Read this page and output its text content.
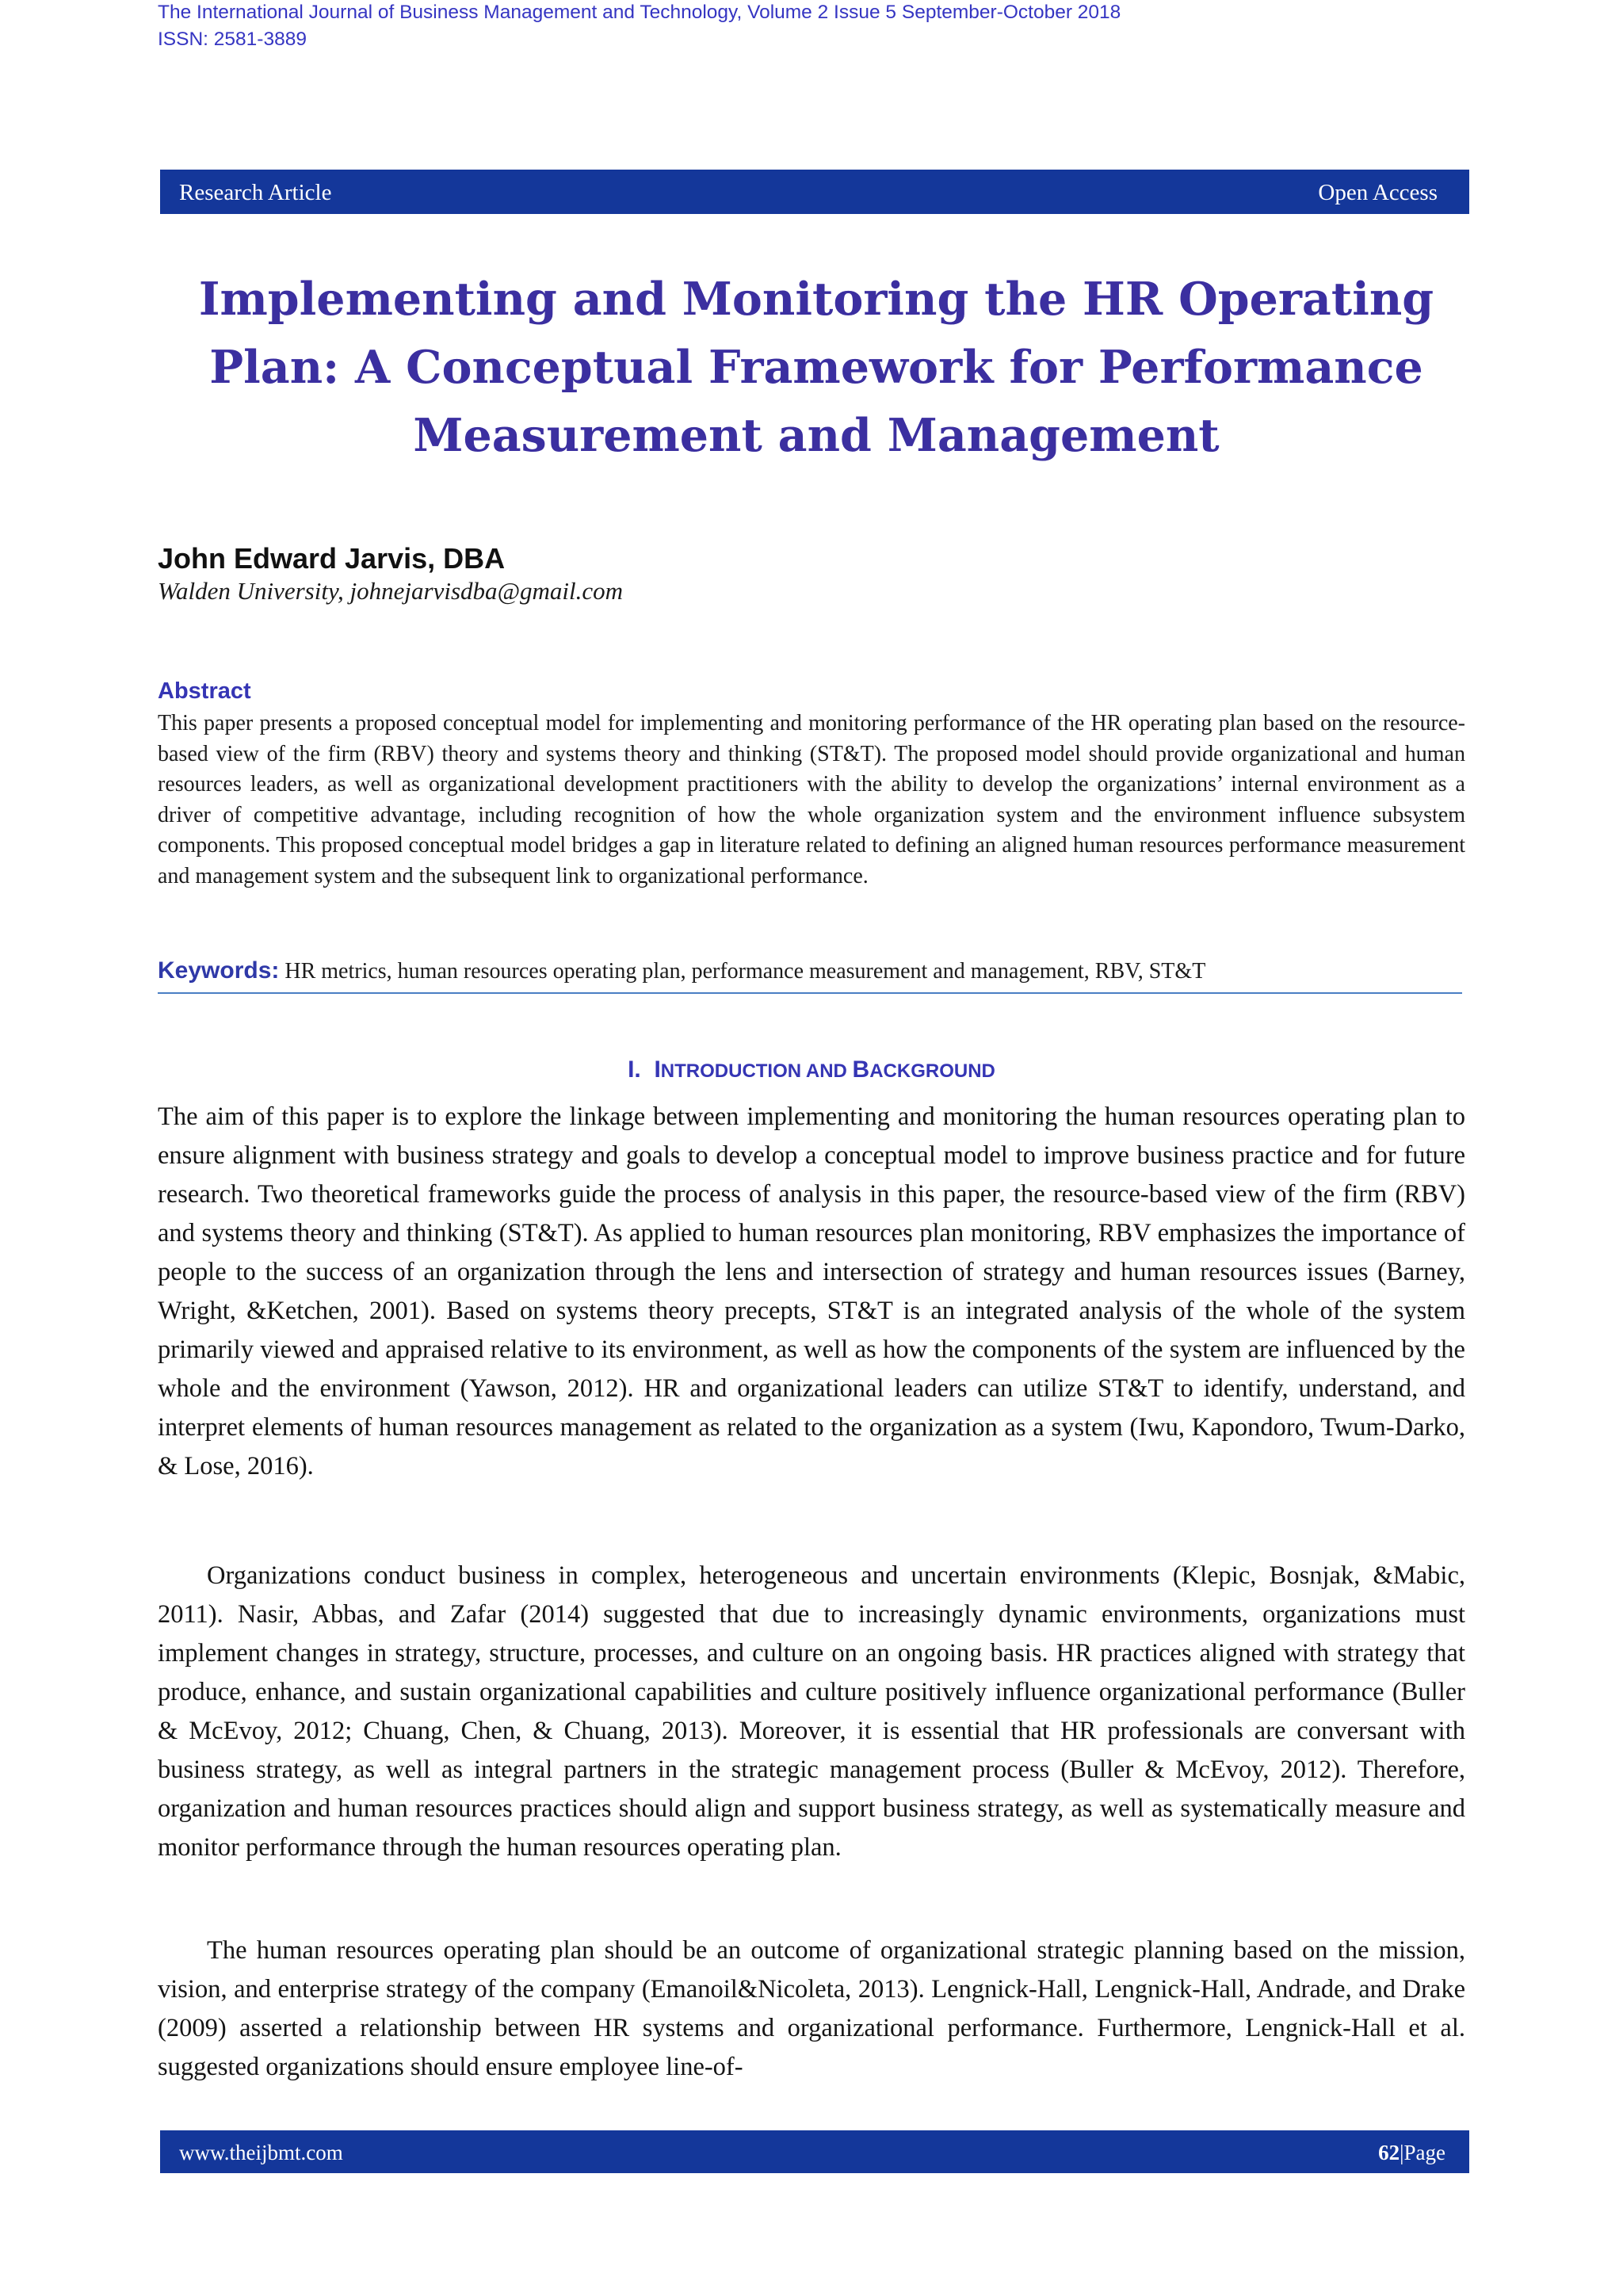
The International Journal of Business Management and Technology, Volume 2 Issue 5 September-October 2018
ISSN: 2581-3889
Research Article	Open Access
Implementing and Monitoring the HR Operating Plan: A Conceptual Framework for Performance Measurement and Management
John Edward Jarvis, DBA
Walden University, johnejarvisdba@gmail.com
Abstract
This paper presents a proposed conceptual model for implementing and monitoring performance of the HR operating plan based on the resource-based view of the firm (RBV) theory and systems theory and thinking (ST&T). The proposed model should provide organizational and human resources leaders, as well as organizational development practitioners with the ability to develop the organizations’ internal environment as a driver of competitive advantage, including recognition of how the whole organization system and the environment influence subsystem components. This proposed conceptual model bridges a gap in literature related to defining an aligned human resources performance measurement and management system and the subsequent link to organizational performance.
Keywords: HR metrics, human resources operating plan, performance measurement and management, RBV, ST&T
I. INTRODUCTION AND BACKGROUND
The aim of this paper is to explore the linkage between implementing and monitoring the human resources operating plan to ensure alignment with business strategy and goals to develop a conceptual model to improve business practice and for future research. Two theoretical frameworks guide the process of analysis in this paper, the resource-based view of the firm (RBV) and systems theory and thinking (ST&T). As applied to human resources plan monitoring, RBV emphasizes the importance of people to the success of an organization through the lens and intersection of strategy and human resources issues (Barney, Wright, &Ketchen, 2001). Based on systems theory precepts, ST&T is an integrated analysis of the whole of the system primarily viewed and appraised relative to its environment, as well as how the components of the system are influenced by the whole and the environment (Yawson, 2012). HR and organizational leaders can utilize ST&T to identify, understand, and interpret elements of human resources management as related to the organization as a system (Iwu, Kapondoro, Twum-Darko, & Lose, 2016).
Organizations conduct business in complex, heterogeneous and uncertain environments (Klepic, Bosnjak, &Mabic, 2011). Nasir, Abbas, and Zafar (2014) suggested that due to increasingly dynamic environments, organizations must implement changes in strategy, structure, processes, and culture on an ongoing basis. HR practices aligned with strategy that produce, enhance, and sustain organizational capabilities and culture positively influence organizational performance (Buller & McEvoy, 2012; Chuang, Chen, & Chuang, 2013). Moreover, it is essential that HR professionals are conversant with business strategy, as well as integral partners in the strategic management process (Buller & McEvoy, 2012). Therefore, organization and human resources practices should align and support business strategy, as well as systematically measure and monitor performance through the human resources operating plan.
The human resources operating plan should be an outcome of organizational strategic planning based on the mission, vision, and enterprise strategy of the company (Emanoil&Nicoleta, 2013). Lengnick-Hall, Lengnick-Hall, Andrade, and Drake (2009) asserted a relationship between HR systems and organizational performance. Furthermore, Lengnick-Hall et al. suggested organizations should ensure employee line-of-
www.theijbmt.com	62|Page
